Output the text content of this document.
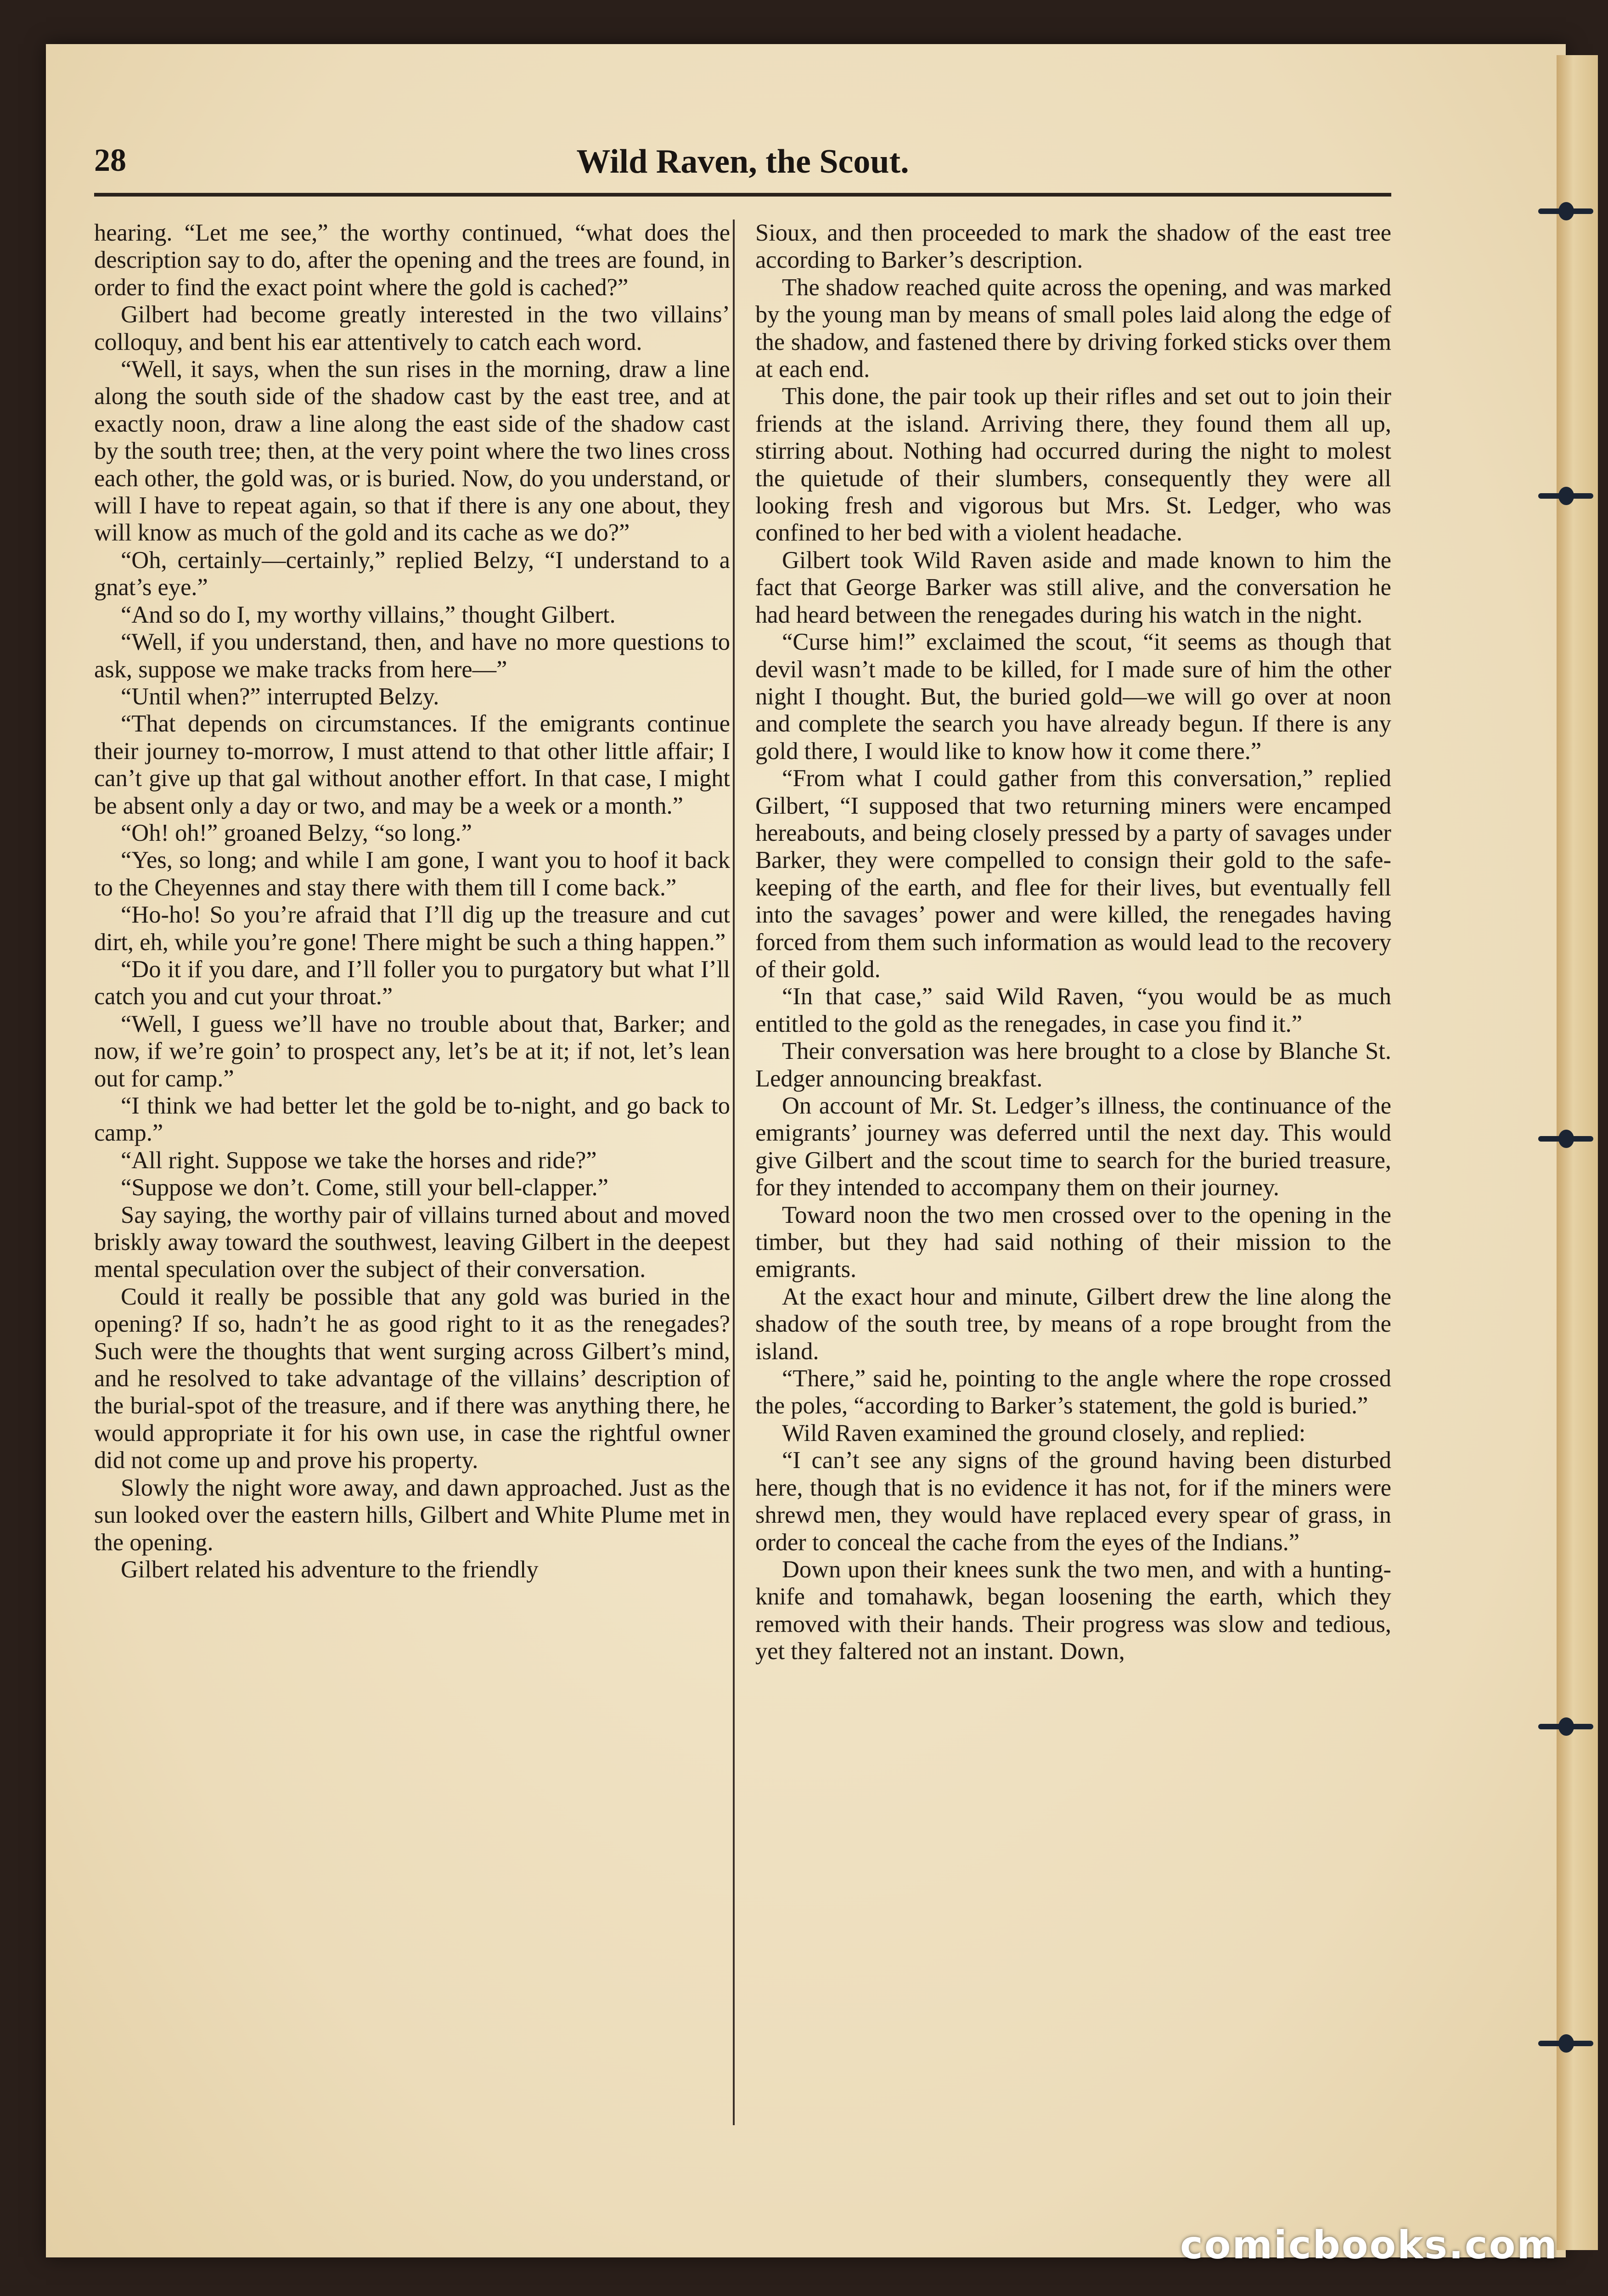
28	Wild Raven, the Scout.

hearing. “Let me see,” the worthy continued, “what does the description say to do, after the opening and the trees are found, in order to find the exact point where the gold is cached?”

Gilbert had become greatly interested in the two villains’ colloquy, and bent his ear attentively to catch each word.

“Well, it says, when the sun rises in the morning, draw a line along the south side of the shadow cast by the east tree, and at exactly noon, draw a line along the east side of the shadow cast by the south tree; then, at the very point where the two lines cross each other, the gold was, or is buried. Now, do you understand, or will I have to repeat again, so that if there is any one about, they will know as much of the gold and its cache as we do?”

“Oh, certainly—certainly,” replied Belzy, “I understand to a gnat’s eye.”

“And so do I, my worthy villains,” thought Gilbert.

“Well, if you understand, then, and have no more questions to ask, suppose we make tracks from here—”

“Until when?” interrupted Belzy.

“That depends on circumstances. If the emigrants continue their journey to-morrow, I must attend to that other little affair; I can’t give up that gal without another effort. In that case, I might be absent only a day or two, and may be a week or a month.”

“Oh! oh!” groaned Belzy, “so long.”

“Yes, so long; and while I am gone, I want you to hoof it back to the Cheyennes and stay there with them till I come back.”

“Ho-ho! So you’re afraid that I’ll dig up the treasure and cut dirt, eh, while you’re gone! There might be such a thing happen.”

“Do it if you dare, and I’ll foller you to purgatory but what I’ll catch you and cut your throat.”

“Well, I guess we’ll have no trouble about that, Barker; and now, if we’re goin’ to prospect any, let’s be at it; if not, let’s lean out for camp.”

“I think we had better let the gold be to-night, and go back to camp.”

“All right. Suppose we take the horses and ride?”

“Suppose we don’t. Come, still your bell-clapper.”

Say saying, the worthy pair of villains turned about and moved briskly away toward the southwest, leaving Gilbert in the deepest mental speculation over the subject of their conversation.

Could it really be possible that any gold was buried in the opening? If so, hadn’t he as good right to it as the renegades? Such were the thoughts that went surging across Gilbert’s mind, and he resolved to take advantage of the villains’ description of the burial-spot of the treasure, and if there was anything there, he would appropriate it for his own use, in case the rightful owner did not come up and prove his property.

Slowly the night wore away, and dawn approached. Just as the sun looked over the eastern hills, Gilbert and White Plume met in the opening.

Gilbert related his adventure to the friendly

Sioux, and then proceeded to mark the shadow of the east tree according to Barker’s description.

The shadow reached quite across the opening, and was marked by the young man by means of small poles laid along the edge of the shadow, and fastened there by driving forked sticks over them at each end.

This done, the pair took up their rifles and set out to join their friends at the island. Arriving there, they found them all up, stirring about. Nothing had occurred during the night to molest the quietude of their slumbers, consequently they were all looking fresh and vigorous but Mrs. St. Ledger, who was confined to her bed with a violent headache.

Gilbert took Wild Raven aside and made known to him the fact that George Barker was still alive, and the conversation he had heard between the renegades during his watch in the night.

“Curse him!” exclaimed the scout, “it seems as though that devil wasn’t made to be killed, for I made sure of him the other night I thought. But, the buried gold—we will go over at noon and complete the search you have already begun. If there is any gold there, I would like to know how it come there.”

“From what I could gather from this conversation,” replied Gilbert, “I supposed that two returning miners were encamped hereabouts, and being closely pressed by a party of savages under Barker, they were compelled to consign their gold to the safe-keeping of the earth, and flee for their lives, but eventually fell into the savages’ power and were killed, the renegades having forced from them such information as would lead to the recovery of their gold.

“In that case,” said Wild Raven, “you would be as much entitled to the gold as the renegades, in case you find it.”

Their conversation was here brought to a close by Blanche St. Ledger announcing breakfast.

On account of Mr. St. Ledger’s illness, the continuance of the emigrants’ journey was deferred until the next day. This would give Gilbert and the scout time to search for the buried treasure, for they intended to accompany them on their journey.

Toward noon the two men crossed over to the opening in the timber, but they had said nothing of their mission to the emigrants.

At the exact hour and minute, Gilbert drew the line along the shadow of the south tree, by means of a rope brought from the island.

“There,” said he, pointing to the angle where the rope crossed the poles, “according to Barker’s statement, the gold is buried.”

Wild Raven examined the ground closely, and replied:

“I can’t see any signs of the ground having been disturbed here, though that is no evidence it has not, for if the miners were shrewd men, they would have replaced every spear of grass, in order to conceal the cache from the eyes of the Indians.”

Down upon their knees sunk the two men, and with a hunting-knife and tomahawk, began loosening the earth, which they removed with their hands. Their progress was slow and tedious, yet they faltered not an instant. Down,

comicbooks.com
